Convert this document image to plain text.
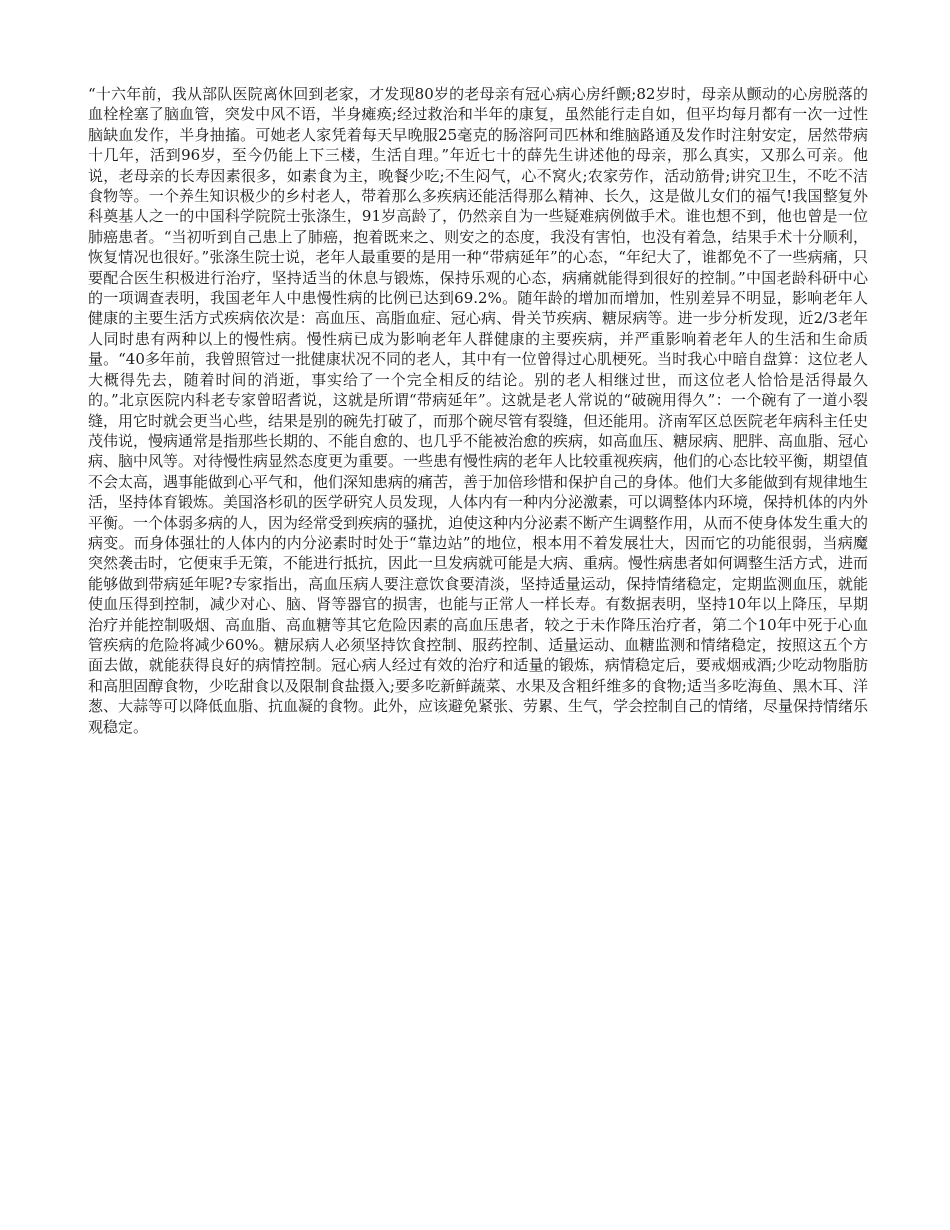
“十六年前，我从部队医院离休回到老家，才发现80岁的老母亲有冠心病心房纤颤;82岁时，母亲从颤动的心房脱落的血栓栓塞了脑血管，突发中风不语，半身瘫痪;经过救治和半年的康复，虽然能行走自如，但平均每月都有一次一过性脑缺血发作，半身抽搐。可她老人家凭着每天早晚服25毫克的肠溶阿司匹林和维脑路通及发作时注射安定，居然带病十几年，活到96岁，至今仍能上下三楼，生活自理。”年近七十的薛先生讲述他的母亲，那么真实，又那么可亲。他说，老母亲的长寿因素很多，如素食为主，晚餐少吃;不生闷气，心不窝火;农家劳作，活动筋骨;讲究卫生，不吃不洁食物等。一个养生知识极少的乡村老人，带着那么多疾病还能活得那么精神、长久，这是做儿女们的福气!我国整复外科奠基人之一的中国科学院院士张涤生，91岁高龄了，仍然亲自为一些疑难病例做手术。谁也想不到，他也曾是一位肺癌患者。“当初听到自己患上了肺癌，抱着既来之、则安之的态度，我没有害怕，也没有着急，结果手术十分顺利，恢复情况也很好。”张涤生院士说，老年人最重要的是用一种“带病延年”的心态，“年纪大了，谁都免不了一些病痛，只要配合医生积极进行治疗，坚持适当的休息与锻炼，保持乐观的心态，病痛就能得到很好的控制。”中国老龄科研中心的一项调查表明，我国老年人中患慢性病的比例已达到69.2%。随年龄的增加而增加，性别差异不明显，影响老年人健康的主要生活方式疾病依次是：高血压、高脂血症、冠心病、骨关节疾病、糖尿病等。进一步分析发现，近2/3老年人同时患有两种以上的慢性病。慢性病已成为影响老年人群健康的主要疾病，并严重影响着老年人的生活和生命质量。“40多年前，我曾照管过一批健康状况不同的老人，其中有一位曾得过心肌梗死。当时我心中暗自盘算：这位老人大概得先去，随着时间的消逝，事实给了一个完全相反的结论。别的老人相继过世，而这位老人恰恰是活得最久的。”北京医院内科老专家曾昭耆说，这就是所谓“带病延年”。这就是老人常说的“破碗用得久”：一个碗有了一道小裂缝，用它时就会更当心些，结果是别的碗先打破了，而那个碗尽管有裂缝，但还能用。济南军区总医院老年病科主任史茂伟说，慢病通常是指那些长期的、不能自愈的、也几乎不能被治愈的疾病，如高血压、糖尿病、肥胖、高血脂、冠心病、脑中风等。对待慢性病显然态度更为重要。一些患有慢性病的老年人比较重视疾病，他们的心态比较平衡，期望值不会太高，遇事能做到心平气和，他们深知患病的痛苦，善于加倍珍惜和保护自己的身体。他们大多能做到有规律地生活，坚持体育锻炼。美国洛杉矶的医学研究人员发现，人体内有一种内分泌激素，可以调整体内环境，保持机体的内外平衡。一个体弱多病的人，因为经常受到疾病的骚扰，迫使这种内分泌素不断产生调整作用，从而不使身体发生重大的病变。而身体强壮的人体内的内分泌素时时处于“靠边站”的地位，根本用不着发展壮大，因而它的功能很弱，当病魔突然袭击时，它便束手无策，不能进行抵抗，因此一旦发病就可能是大病、重病。慢性病患者如何调整生活方式，进而能够做到带病延年呢?专家指出，高血压病人要注意饮食要清淡，坚持适量运动，保持情绪稳定，定期监测血压，就能使血压得到控制，减少对心、脑、肾等器官的损害，也能与正常人一样长寿。有数据表明，坚持10年以上降压，早期治疗并能控制吸烟、高血脂、高血糖等其它危险因素的高血压患者，较之于未作降压治疗者，第二个10年中死于心血管疾病的危险将减少60%。糖尿病人必须坚持饮食控制、服药控制、适量运动、血糖监测和情绪稳定，按照这五个方面去做，就能获得良好的病情控制。冠心病人经过有效的治疗和适量的锻炼，病情稳定后，要戒烟戒酒;少吃动物脂肪和高胆固醇食物，少吃甜食以及限制食盐摄入;要多吃新鲜蔬菜、水果及含粗纤维多的食物;适当多吃海鱼、黑木耳、洋葱、大蒜等可以降低血脂、抗血凝的食物。此外，应该避免紧张、劳累、生气，学会控制自己的情绪，尽量保持情绪乐观稳定。
